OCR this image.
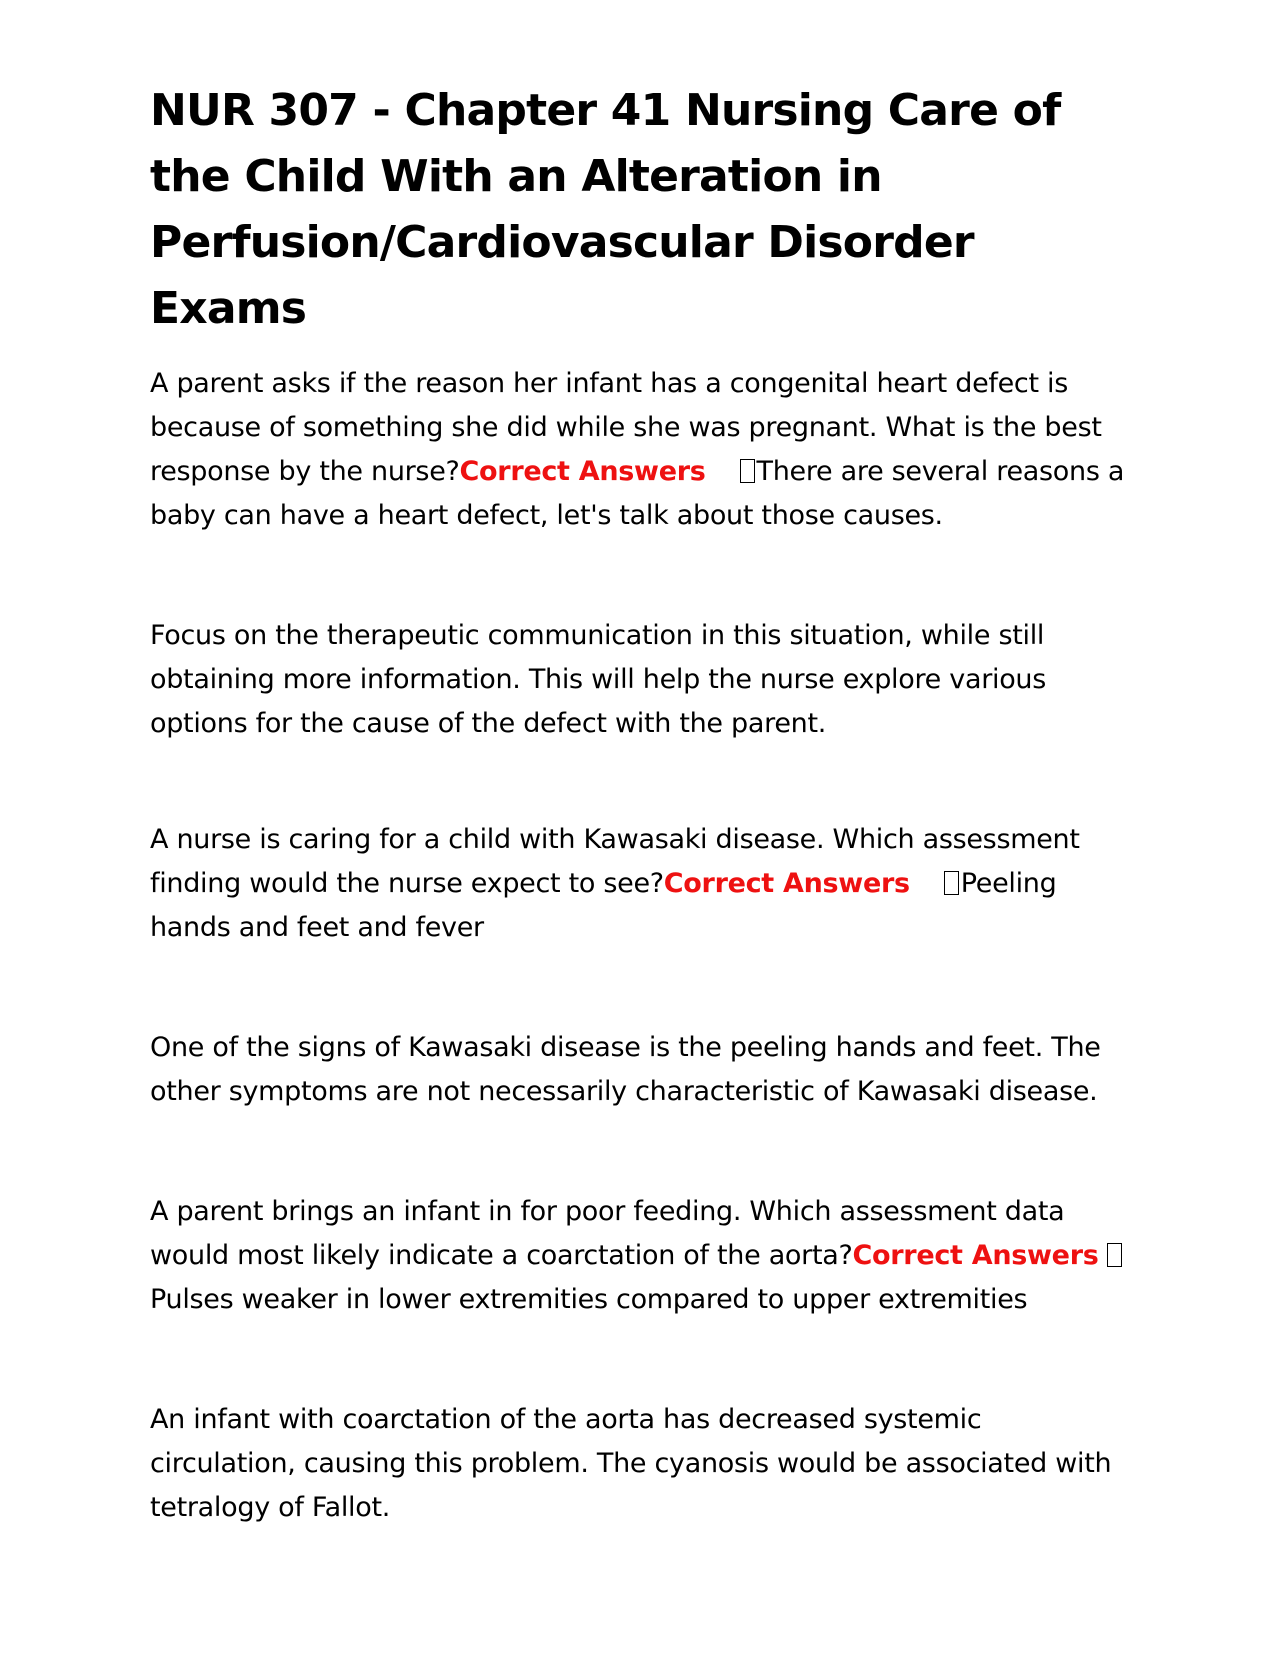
NUR 307 - Chapter 41 Nursing Care of the Child With an Alteration in Perfusion/Cardiovascular Disorder Exams

A parent asks if the reason her infant has a congenital heart defect is because of something she did while she was pregnant. What is the best response by the nurse?Correct Answers There are several reasons a baby can have a heart defect, let's talk about those causes.

Focus on the therapeutic communication in this situation, while still obtaining more information. This will help the nurse explore various options for the cause of the defect with the parent.

A nurse is caring for a child with Kawasaki disease. Which assessment finding would the nurse expect to see?Correct Answers Peeling hands and feet and fever

One of the signs of Kawasaki disease is the peeling hands and feet. The other symptoms are not necessarily characteristic of Kawasaki disease.

A parent brings an infant in for poor feeding. Which assessment data would most likely indicate a coarctation of the aorta?Correct Answers Pulses weaker in lower extremities compared to upper extremities

An infant with coarctation of the aorta has decreased systemic circulation, causing this problem. The cyanosis would be associated with tetralogy of Fallot.
